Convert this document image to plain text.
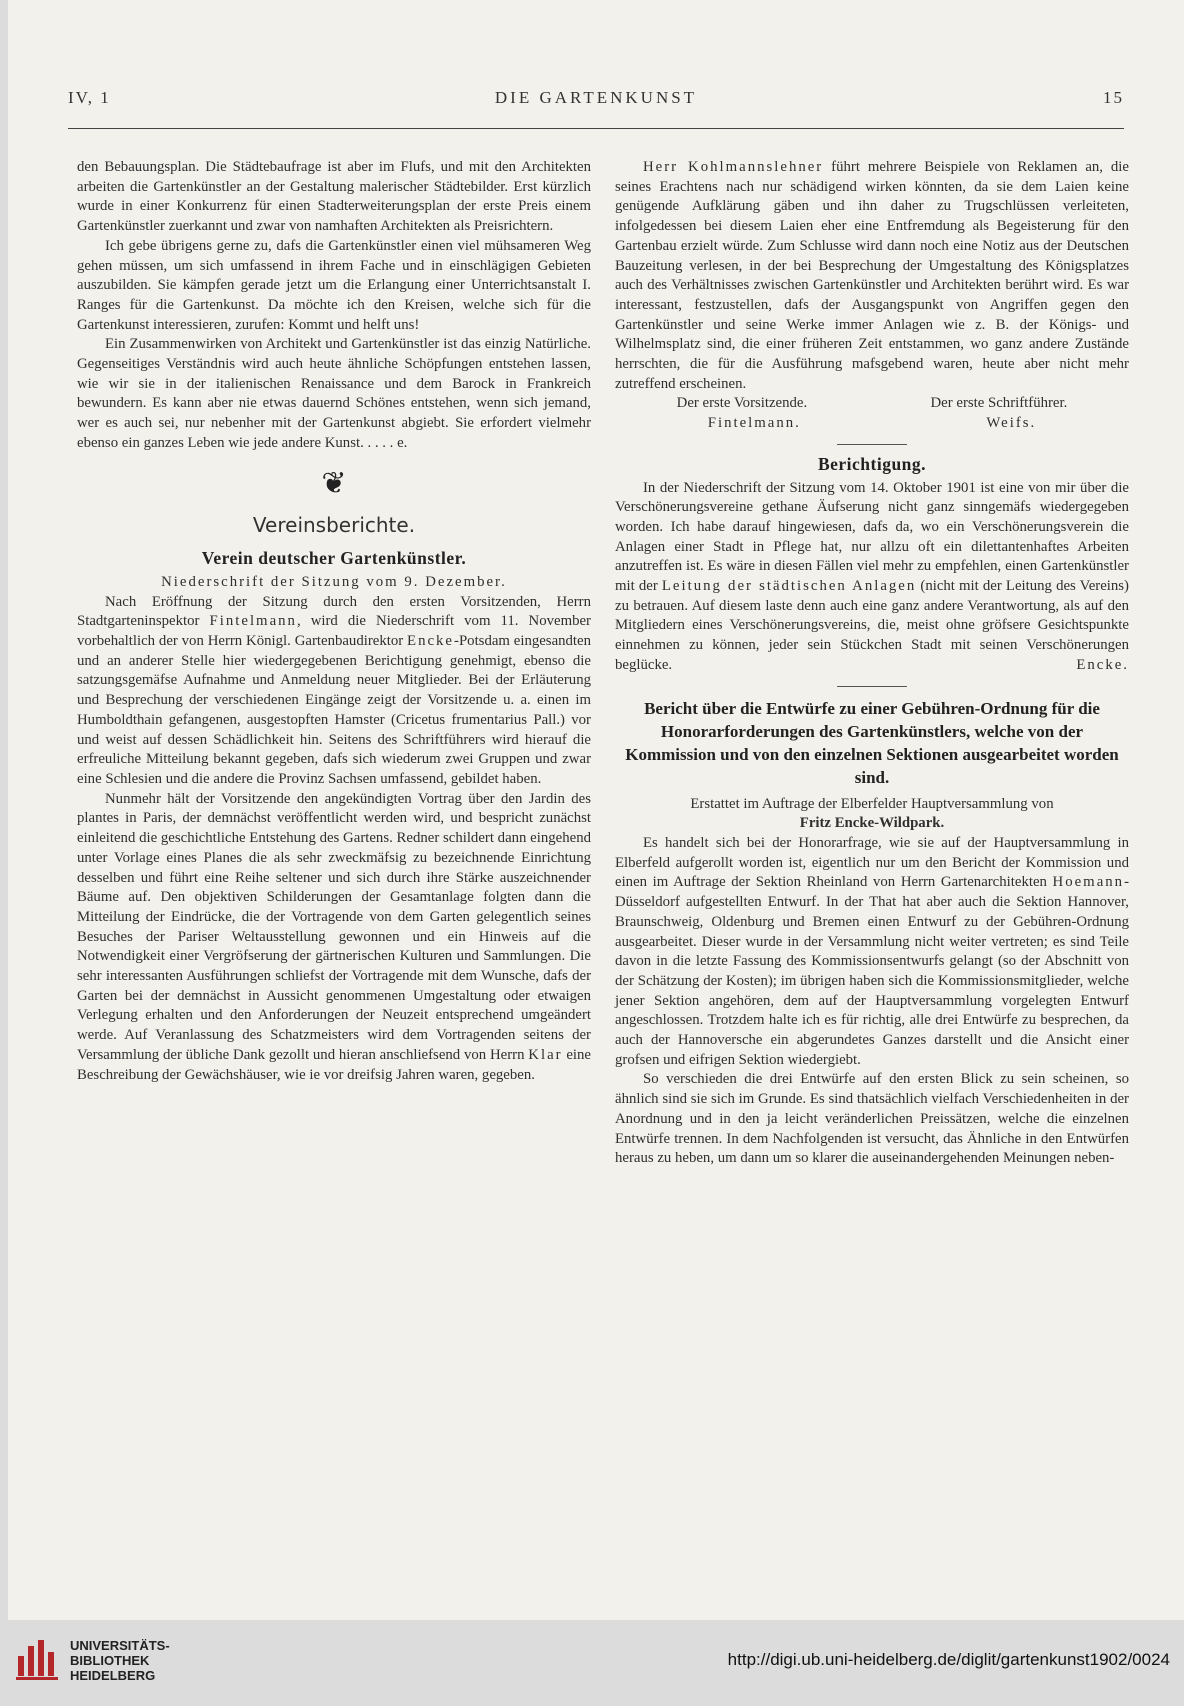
IV, 1	DIE GARTENKUNST	15

den Bebauungsplan. Die Städtebaufrage ist aber im Flufs, und mit den Architekten arbeiten die Gartenkünstler an der Gestaltung malerischer Städtebilder. Erst kürzlich wurde in einer Konkurrenz für einen Stadterweiterungsplan der erste Preis einem Gartenkünstler zuerkannt und zwar von namhaften Architekten als Preisrichtern.

Ich gebe übrigens gerne zu, dafs die Gartenkünstler einen viel mühsameren Weg gehen müssen, um sich umfassend in ihrem Fache und in einschlägigen Gebieten auszubilden. Sie kämpfen gerade jetzt um die Erlangung einer Unterrichtsanstalt I. Ranges für die Gartenkunst. Da möchte ich den Kreisen, welche sich für die Gartenkunst interessieren, zurufen: Kommt und helft uns!

Ein Zusammenwirken von Architekt und Gartenkünstler ist das einzig Natürliche. Gegenseitiges Verständnis wird auch heute ähnliche Schöpfungen entstehen lassen, wie wir sie in der italienischen Renaissance und dem Barock in Frankreich bewundern. Es kann aber nie etwas dauernd Schönes entstehen, wenn sich jemand, wer es auch sei, nur nebenher mit der Gartenkunst abgiebt. Sie erfordert vielmehr ebenso ein ganzes Leben wie jede andere Kunst. . . . . e.

❦
Vereinsberichte.
Verein deutscher Gartenkünstler.

Niederschrift der Sitzung vom 9. Dezember.

Nach Eröffnung der Sitzung durch den ersten Vorsitzenden, Herrn Stadtgarteninspektor Fintelmann, wird die Niederschrift vom 11. November vorbehaltlich der von Herrn Königl. Gartenbaudirektor Encke-Potsdam eingesandten und an anderer Stelle hier wiedergegebenen Berichtigung genehmigt, ebenso die satzungsgemäfse Aufnahme und Anmeldung neuer Mitglieder. Bei der Erläuterung und Besprechung der verschiedenen Eingänge zeigt der Vorsitzende u. a. einen im Humboldthain gefangenen, ausgestopften Hamster (Cricetus frumentarius Pall.) vor und weist auf dessen Schädlichkeit hin. Seitens des Schriftführers wird hierauf die erfreuliche Mitteilung bekannt gegeben, dafs sich wiederum zwei Gruppen und zwar eine Schlesien und die andere die Provinz Sachsen umfassend, gebildet haben.

Nunmehr hält der Vorsitzende den angekündigten Vortrag über den Jardin des plantes in Paris, der demnächst veröffentlicht werden wird, und bespricht zunächst einleitend die geschichtliche Entstehung des Gartens. Redner schildert dann eingehend unter Vorlage eines Planes die als sehr zweckmäfsig zu bezeichnende Einrichtung desselben und führt eine Reihe seltener und sich durch ihre Stärke auszeichnender Bäume auf. Den objektiven Schilderungen der Gesamtanlage folgten dann die Mitteilung der Eindrücke, die der Vortragende von dem Garten gelegentlich seines Besuches der Pariser Weltausstellung gewonnen und ein Hinweis auf die Notwendigkeit einer Vergröfserung der gärtnerischen Kulturen und Sammlungen. Die sehr interessanten Ausführungen schliefst der Vortragende mit dem Wunsche, dafs der Garten bei der demnächst in Aussicht genommenen Umgestaltung oder etwaigen Verlegung erhalten und den Anforderungen der Neuzeit entsprechend umgeändert werde. Auf Veranlassung des Schatzmeisters wird dem Vortragenden seitens der Versammlung der übliche Dank gezollt und hieran anschliefsend von Herrn Klar eine Beschreibung der Gewächshäuser, wie ie vor dreifsig Jahren waren, gegeben.

Herr Kohlmannslehner führt mehrere Beispiele von Reklamen an, die seines Erachtens nach nur schädigend wirken könnten, da sie dem Laien keine genügende Aufklärung gäben und ihn daher zu Trugschlüssen verleiteten, infolgedessen bei diesem Laien eher eine Entfremdung als Begeisterung für den Gartenbau erzielt würde. Zum Schlusse wird dann noch eine Notiz aus der Deutschen Bauzeitung verlesen, in der bei Besprechung der Umgestaltung des Königsplatzes auch des Verhältnisses zwischen Gartenkünstler und Architekten berührt wird. Es war interessant, festzustellen, dafs der Ausgangspunkt von Angriffen gegen den Gartenkünstler und seine Werke immer Anlagen wie z. B. der Königs- und Wilhelmsplatz sind, die einer früheren Zeit entstammen, wo ganz andere Zustände herrschten, die für die Ausführung mafsgebend waren, heute aber nicht mehr zutreffend erscheinen.

Der erste Vorsitzende.	Der erste Schriftführer.
Fintelmann.	Weifs.
Berichtigung.

In der Niederschrift der Sitzung vom 14. Oktober 1901 ist eine von mir über die Verschönerungsvereine gethane Äufserung nicht ganz sinngemäfs wiedergegeben worden. Ich habe darauf hingewiesen, dafs da, wo ein Verschönerungsverein die Anlagen einer Stadt in Pflege hat, nur allzu oft ein dilettantenhaftes Arbeiten anzutreffen ist. Es wäre in diesen Fällen viel mehr zu empfehlen, einen Gartenkünstler mit der Leitung der städtischen Anlagen (nicht mit der Leitung des Vereins) zu betrauen. Auf diesem laste denn auch eine ganz andere Verantwortung, als auf den Mitgliedern eines Verschönerungsvereins, die, meist ohne gröfsere Gesichtspunkte einnehmen zu können, jeder sein Stückchen Stadt mit seinen Verschönerungen beglücke.	Encke.

Bericht über die Entwürfe zu einer Gebühren-Ordnung für die Honorarforderungen des Gartenkünstlers, welche von der Kommission und von den einzelnen Sektionen ausgearbeitet worden sind.

Erstattet im Auftrage der Elberfelder Hauptversammlung von

Fritz Encke-Wildpark.

Es handelt sich bei der Honorarfrage, wie sie auf der Hauptversammlung in Elberfeld aufgerollt worden ist, eigentlich nur um den Bericht der Kommission und einen im Auftrage der Sektion Rheinland von Herrn Gartenarchitekten Hoemann-Düsseldorf aufgestellten Entwurf. In der That hat aber auch die Sektion Hannover, Braunschweig, Oldenburg und Bremen einen Entwurf zu der Gebühren-Ordnung ausgearbeitet. Dieser wurde in der Versammlung nicht weiter vertreten; es sind Teile davon in die letzte Fassung des Kommissionsentwurfs gelangt (so der Abschnitt von der Schätzung der Kosten); im übrigen haben sich die Kommissionsmitglieder, welche jener Sektion angehören, dem auf der Hauptversammlung vorgelegten Entwurf angeschlossen. Trotzdem halte ich es für richtig, alle drei Entwürfe zu besprechen, da auch der Hannoversche ein abgerundetes Ganzes darstellt und die Ansicht einer grofsen und eifrigen Sektion wiedergiebt.

So verschieden die drei Entwürfe auf den ersten Blick zu sein scheinen, so ähnlich sind sie sich im Grunde. Es sind thatsächlich vielfach Verschiedenheiten in der Anordnung und in den ja leicht veränderlichen Preissätzen, welche die einzelnen Entwürfe trennen. In dem Nachfolgenden ist versucht, das Ähnliche in den Entwürfen heraus zu heben, um dann um so klarer die auseinandergehenden Meinungen neben-

UNIVERSITÄTS-
BIBLIOTHEK
HEIDELBERG
http://digi.ub.uni-heidelberg.de/diglit/gartenkunst1902/0024
